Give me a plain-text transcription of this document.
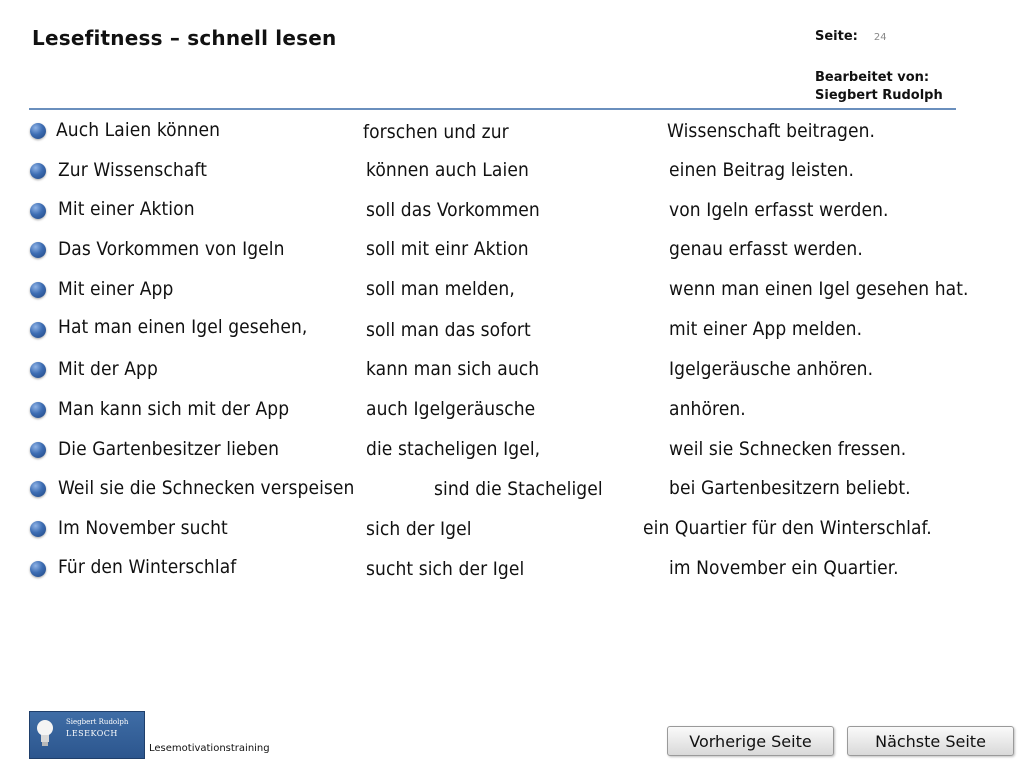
Lesefitness – schnell lesen	Seite: 24
Bearbeitet von:
Siegbert Rudolph
Auch Laien können	forschen und zur	Wissenschaft beitragen.
Zur Wissenschaft	können auch Laien	einen Beitrag leisten.
Mit einer Aktion	soll das Vorkommen	von Igeln erfasst werden.
Das Vorkommen von Igeln	soll mit einr Aktion	genau erfasst werden.
Mit einer App	soll man melden,	wenn man einen Igel gesehen hat.
Hat man einen Igel gesehen,	soll man das sofort	mit einer App melden.
Mit der App	kann man sich auch	Igelgeräusche anhören.
Man kann sich mit der App	auch Igelgeräusche	anhören.
Die Gartenbesitzer lieben	die stacheligen Igel,	weil sie Schnecken fressen.
Weil sie die Schnecken verspeisen	sind die Stacheligel	bei Gartenbesitzern beliebt.
Im November sucht	sich der Igel	ein Quartier für den Winterschlaf.
Für den Winterschlaf	sucht sich der Igel	im November ein Quartier.
Siegbert Rudolph
LESEKOCH
Lesemotivationstraining	Vorherige Seite	Nächste Seite
